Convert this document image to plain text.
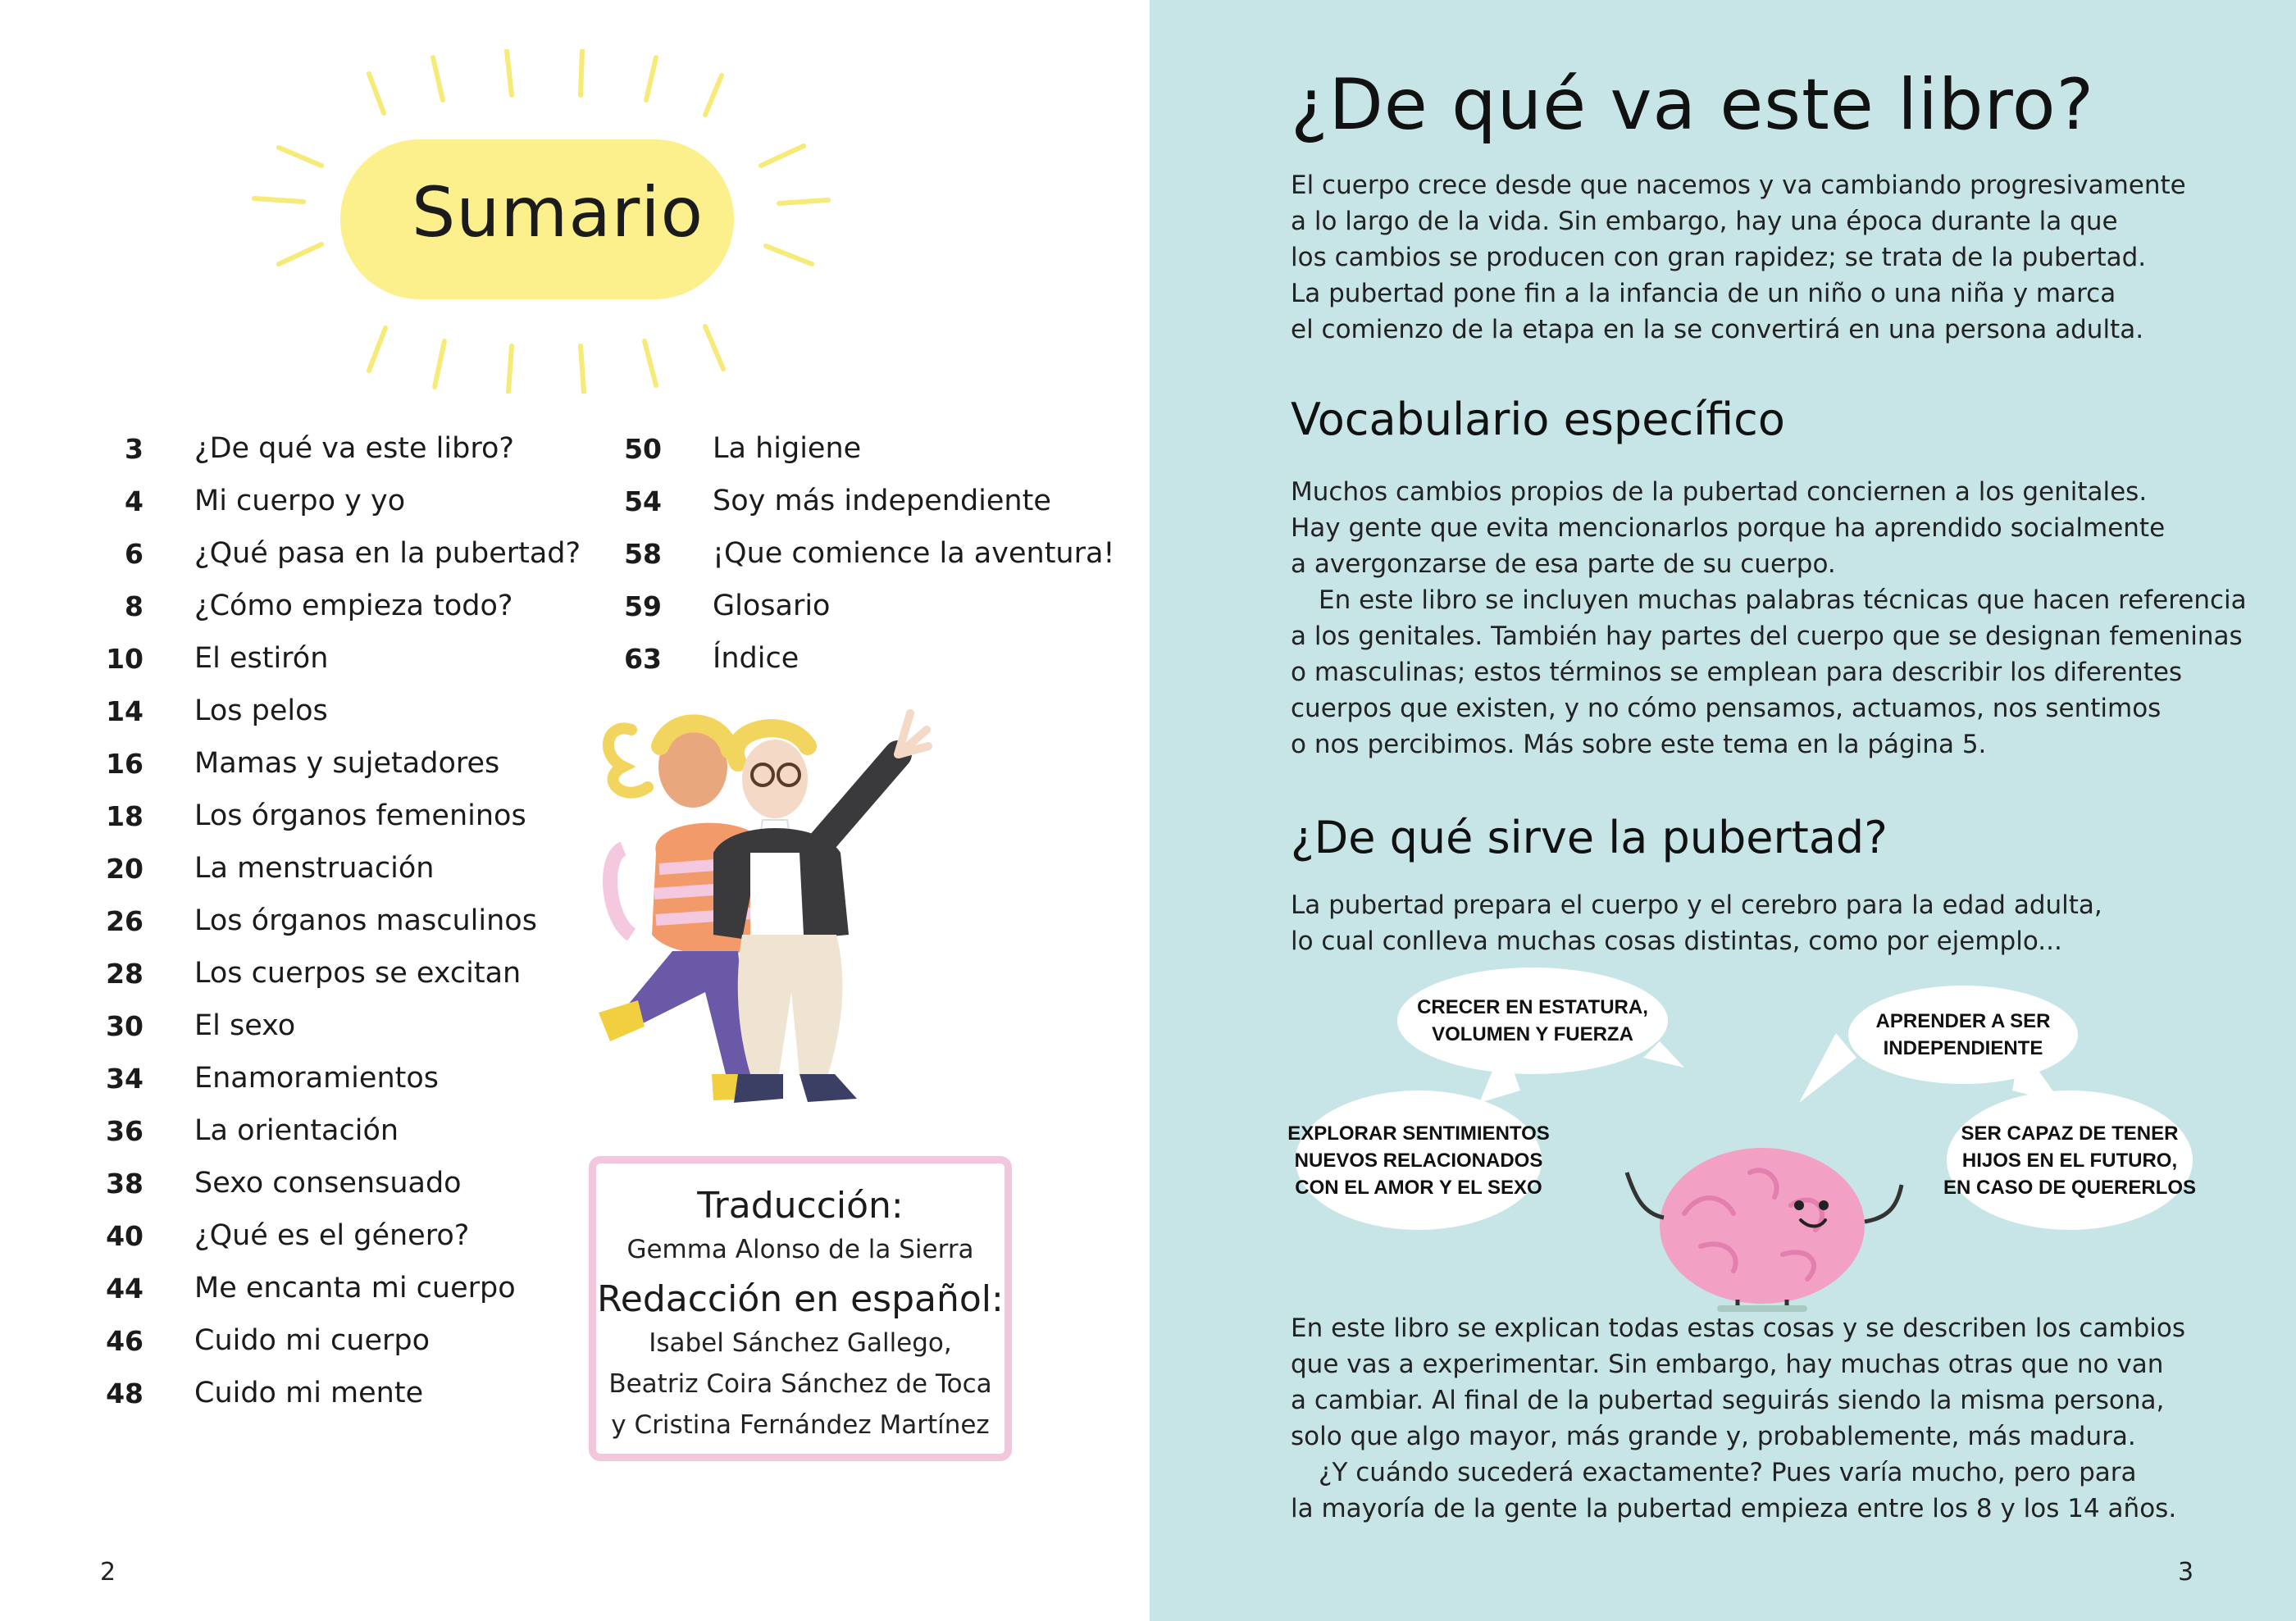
Sumario
3 ¿De qué va este libro?
4 Mi cuerpo y yo
6 ¿Qué pasa en la pubertad?
8 ¿Cómo empieza todo?
10 El estirón
14 Los pelos
16 Mamas y sujetadores
18 Los órganos femeninos
20 La menstruación
26 Los órganos masculinos
28 Los cuerpos se excitan
30 El sexo
34 Enamoramientos
36 La orientación
38 Sexo consensuado
40 ¿Qué es el género?
44 Me encanta mi cuerpo
46 Cuido mi cuerpo
48 Cuido mi mente
50 La higiene
54 Soy más independiente
58 ¡Que comience la aventura!
59 Glosario
63 Índice
Traducción:
Gemma Alonso de la Sierra
Redacción en español:
Isabel Sánchez Gallego,
Beatriz Coira Sánchez de Toca
y Cristina Fernández Martínez
2
¿De qué va este libro?
El cuerpo crece desde que nacemos y va cambiando progresivamente
a lo largo de la vida. Sin embargo, hay una época durante la que
los cambios se producen con gran rapidez; se trata de la pubertad.
La pubertad pone fin a la infancia de un niño o una niña y marca
el comienzo de la etapa en la se convertirá en una persona adulta.
Vocabulario específico
Muchos cambios propios de la pubertad conciernen a los genitales.
Hay gente que evita mencionarlos porque ha aprendido socialmente
a avergonzarse de esa parte de su cuerpo.
En este libro se incluyen muchas palabras técnicas que hacen referencia
a los genitales. También hay partes del cuerpo que se designan femeninas
o masculinas; estos términos se emplean para describir los diferentes
cuerpos que existen, y no cómo pensamos, actuamos, nos sentimos
o nos percibimos. Más sobre este tema en la página 5.
¿De qué sirve la pubertad?
La pubertad prepara el cuerpo y el cerebro para la edad adulta,
lo cual conlleva muchas cosas distintas, como por ejemplo...
CRECER EN ESTATURA,
VOLUMEN Y FUERZA
APRENDER A SER
INDEPENDIENTE
EXPLORAR SENTIMIENTOS
NUEVOS RELACIONADOS
CON EL AMOR Y EL SEXO
SER CAPAZ DE TENER
HIJOS EN EL FUTURO,
EN CASO DE QUERERLOS
En este libro se explican todas estas cosas y se describen los cambios
que vas a experimentar. Sin embargo, hay muchas otras que no van
a cambiar. Al final de la pubertad seguirás siendo la misma persona,
solo que algo mayor, más grande y, probablemente, más madura.
¿Y cuándo sucederá exactamente? Pues varía mucho, pero para
la mayoría de la gente la pubertad empieza entre los 8 y los 14 años.
3
